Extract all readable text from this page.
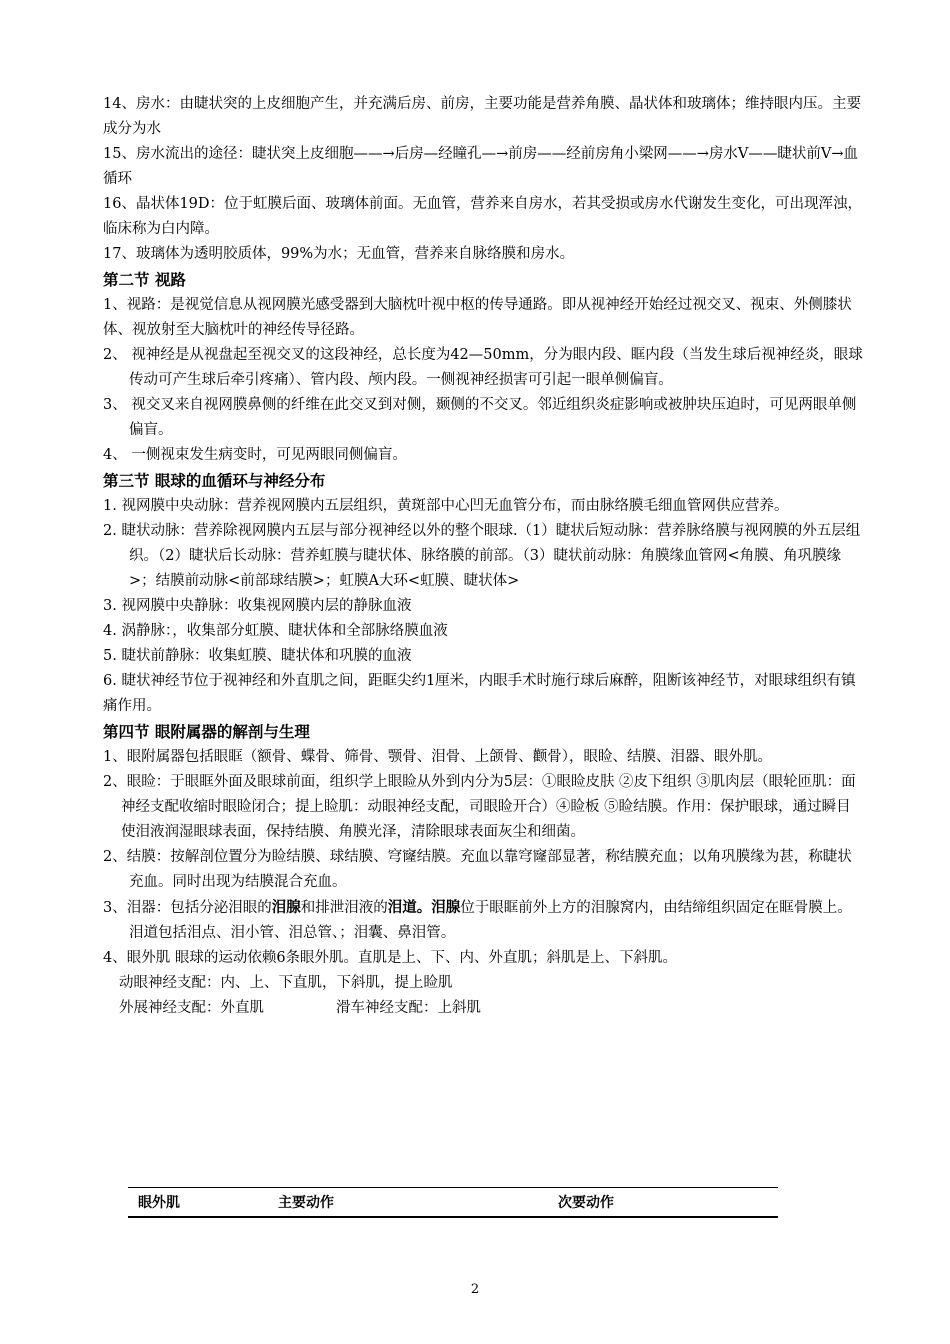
14、房水：由睫状突的上皮细胞产生，并充满后房、前房，主要功能是营养角膜、晶状体和玻璃体；维持眼内压。主要成分为水

15、房水流出的途径：睫状突上皮细胞——→后房—经瞳孔—→前房——经前房角小梁网——→房水Ⅴ——睫状前Ⅴ→血循环

16、晶状体19D：位于虹膜后面、玻璃体前面。无血管，营养来自房水，若其受损或房水代谢发生变化，可出现浑浊，临床称为白内障。

17、玻璃体为透明胶质体，99%为水；无血管，营养来自脉络膜和房水。

第二节 视路

1、视路：是视觉信息从视网膜光感受器到大脑枕叶视中枢的传导通路。即从视神经开始经过视交叉、视束、外侧膝状体、视放射至大脑枕叶的神经传导径路。

2、 视神经是从视盘起至视交叉的这段神经，总长度为42—50mm，分为眼内段、眶内段（当发生球后视神经炎，眼球传动可产生球后牵引疼痛）、管内段、颅内段。一侧视神经损害可引起一眼单侧偏盲。

3、 视交叉来自视网膜鼻侧的纤维在此交叉到对侧，颞侧的不交叉。邻近组织炎症影响或被肿块压迫时，可见两眼单侧偏盲。

4、 一侧视束发生病变时，可见两眼同侧偏盲。

第三节 眼球的血循环与神经分布

1. 视网膜中央动脉：营养视网膜内五层组织，黄斑部中心凹无血管分布，而由脉络膜毛细血管网供应营养。

2. 睫状动脉：营养除视网膜内五层与部分视神经以外的整个眼球.（1）睫状后短动脉：营养脉络膜与视网膜的外五层组织。（2）睫状后长动脉：营养虹膜与睫状体、脉络膜的前部。（3）睫状前动脉：角膜缘血管网<角膜、角巩膜缘>；结膜前动脉<前部球结膜>；虹膜A大环<虹膜、睫状体>

3. 视网膜中央静脉：收集视网膜内层的静脉血液

4. 涡静脉：，收集部分虹膜、睫状体和全部脉络膜血液

5. 睫状前静脉：收集虹膜、睫状体和巩膜的血液

6. 睫状神经节位于视神经和外直肌之间，距眶尖约1厘米，内眼手术时施行球后麻醉，阻断该神经节，对眼球组织有镇痛作用。

第四节 眼附属器的解剖与生理

1、眼附属器包括眼眶（额骨、蝶骨、筛骨、颚骨、泪骨、上颌骨、颧骨），眼睑、结膜、泪器、眼外肌。

2、眼睑：于眼眶外面及眼球前面，组织学上眼睑从外到内分为5层：①眼睑皮肤 ②皮下组织 ③肌肉层（眼轮匝肌：面神经支配收缩时眼睑闭合；提上睑肌：动眼神经支配，司眼睑开合）④睑板 ⑤睑结膜。作用：保护眼球，通过瞬目使泪液润湿眼球表面，保持结膜、角膜光泽，清除眼球表面灰尘和细菌。

2、结膜：按解剖位置分为睑结膜、球结膜、穹窿结膜。充血以靠穹窿部显著，称结膜充血；以角巩膜缘为甚，称睫状充血。同时出现为结膜混合充血。

3、泪器：包括分泌泪眼的泪腺和排泄泪液的泪道。泪腺位于眼眶前外上方的泪腺窝内，由结缔组织固定在眶骨膜上。泪道包括泪点、泪小管、泪总管、；泪囊、鼻泪管。

4、眼外肌 眼球的运动依赖6条眼外肌。直肌是上、下、内、外直肌；斜肌是上、下斜肌。

动眼神经支配：内、上、下直肌，下斜肌，提上睑肌

外展神经支配：外直肌	滑车神经支配：上斜肌

眼外肌	主要动作	次要动作
2
